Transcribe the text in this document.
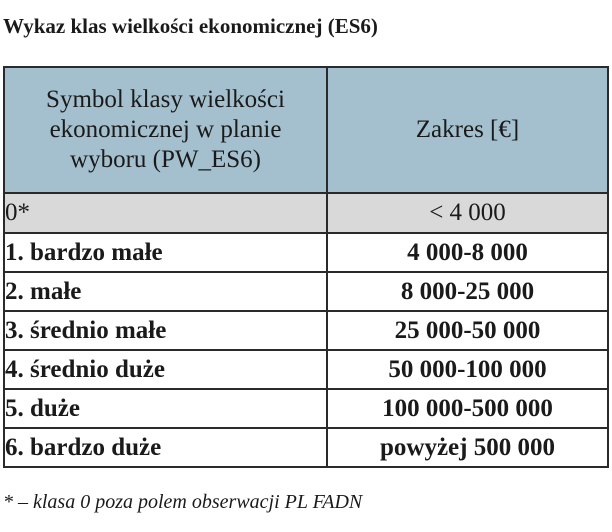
Wykaz klas wielkości ekonomicznej (ES6)
Symbol klasy wielkości ekonomicznej w planie wyboru (PW_ES6)	Zakres [€]
0*	< 4 000
1. bardzo małe	4 000-8 000
2. małe	8 000-25 000
3. średnio małe	25 000-50 000
4. średnio duże	50 000-100 000
5. duże	100 000-500 000
6. bardzo duże	powyżej 500 000
* – klasa 0 poza polem obserwacji PL FADN
